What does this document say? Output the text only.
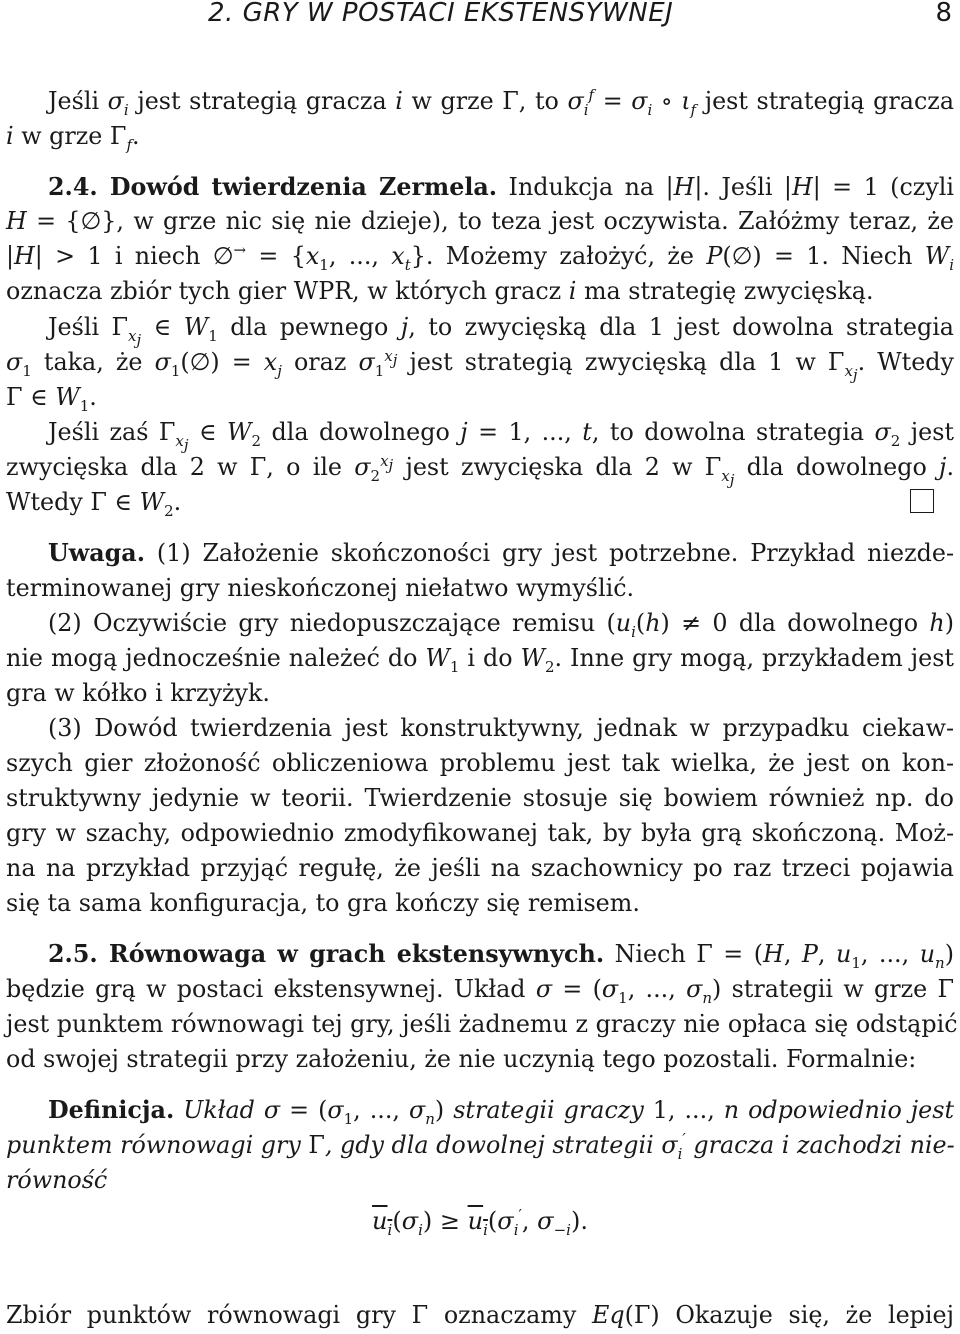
2. GRY W POSTACI EKSTENSYWNEJ	8
Jeśli $\sigma_i$ jest strategią gracza i w grze Γ, to $\sigma_i^f = \sigma_i$ ∘ $\iota_f$ jest strategią gracza
i w grze $\Gamma_f$.
2.4. Dowód twierdzenia Zermela. Indukcja na |H|. Jeśli |H| = 1 (czyli
H = {∅}, w grze nic się nie dzieje), to teza jest oczywista. Załóżmy teraz, że
|H| > 1 i niech ∅→ = {$x_1$, ..., $x_t$}. Możemy założyć, że P(∅) = 1. Niech $W_i$
oznacza zbiór tych gier WPR, w których gracz i ma strategię zwycięską.
Jeśli $\Gamma_{x_j}$ ∈ $W_1$ dla pewnego j, to zwycięską dla 1 jest dowolna strategia
$\sigma_1$ taka, że $\sigma_1(\emptyset) = x_j$ oraz $\sigma_1^{x_j}$ jest strategią zwycięską dla 1 w $\Gamma_{x_j}$. Wtedy
Γ ∈ $W_1$.
Jeśli zaś $\Gamma_{x_j}$ ∈ $W_2$ dla dowolnego j = 1, ..., t, to dowolna strategia $\sigma_2$ jest
zwycięska dla 2 w Γ, o ile $\sigma_2^{x_j}$ jest zwycięska dla 2 w $\Gamma_{x_j}$ dla dowolnego j.
Wtedy Γ ∈ $W_2$.
Uwaga. (1) Założenie skończoności gry jest potrzebne. Przykład niezde-
terminowanej gry nieskończonej niełatwo wymyślić.
(2) Oczywiście gry niedopuszczające remisu ($u_i(h) \ne 0$ dla dowolnego h)
nie mogą jednocześnie należeć do $W_1$ i do $W_2$. Inne gry mogą, przykładem jest
gra w kółko i krzyżyk.
(3) Dowód twierdzenia jest konstruktywny, jednak w przypadku ciekaw-
szych gier złożoność obliczeniowa problemu jest tak wielka, że jest on kon-
struktywny jedynie w teorii. Twierdzenie stosuje się bowiem również np. do
gry w szachy, odpowiednio zmodyfikowanej tak, by była grą skończoną. Moż-
na na przykład przyjąć regułę, że jeśli na szachownicy po raz trzeci pojawia
się ta sama konfiguracja, to gra kończy się remisem.
2.5. Równowaga w grach ekstensywnych. Niech Γ = (H, P, $u_1$, ..., $u_n$)
będzie grą w postaci ekstensywnej. Układ $\sigma = (\sigma_1$, ..., $\sigma_n$) strategii w grze Γ
jest punktem równowagi tej gry, jeśli żadnemu z graczy nie opłaca się odstąpić
od swojej strategii przy założeniu, że nie uczynią tego pozostali. Formalnie:
Definicja. Układ $\sigma = (\sigma_1$, ..., $\sigma_n$) strategii graczy 1, ..., n odpowiednio jest
punktem równowagi gry Γ, gdy dla dowolnej strategii $\sigma_i'$ gracza i zachodzi nie-
równość
$u_i(\sigma_i) \ge u_i(\sigma_i'$, $\sigma_{-i}$).
Zbiór punktów równowagi gry Γ oznaczamy Eq(Γ) Okazuje się, że lepiej
